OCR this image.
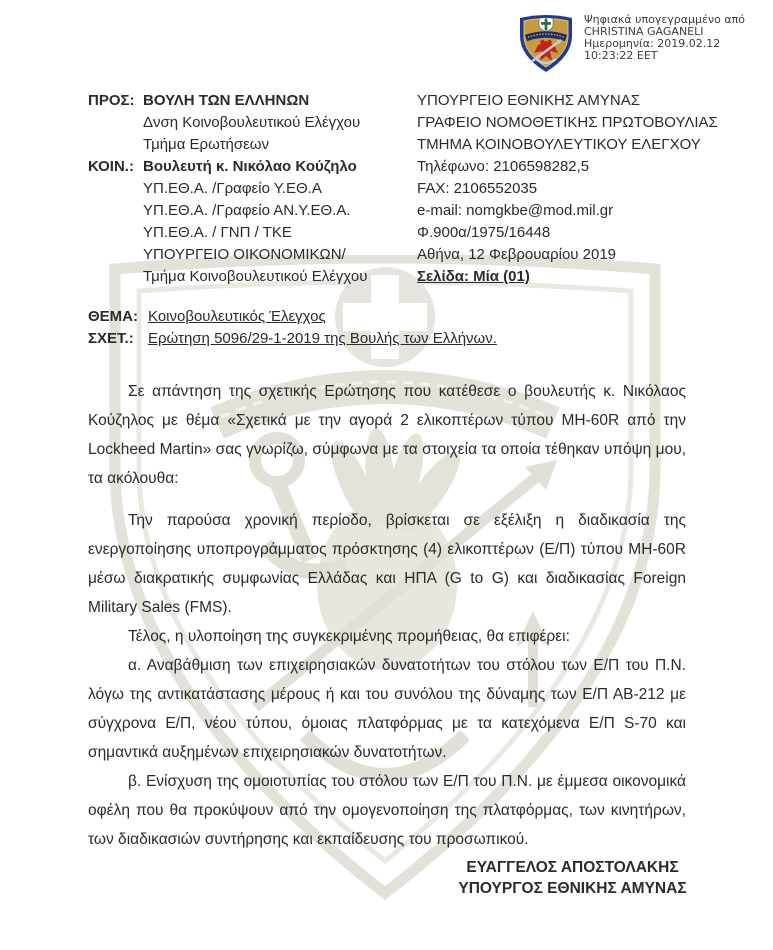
Ψηφιακά υπογεγραμμένο από
CHRISTINA GAGANELI
Ημερομηνία: 2019.02.12
10:23:22 EET
ΠΡΟΣ: ΒΟΥΛΗ ΤΩΝ ΕΛΛΗΝΩΝ
Δνση Κοινοβουλευτικού Ελέγχου
Τμήμα Ερωτήσεων
ΚΟΙΝ.: Βουλευτή κ. Νικόλαο Κούζηλο
ΥΠ.ΕΘ.Α. /Γραφείο Υ.ΕΘ.Α
ΥΠ.ΕΘ.Α. /Γραφείο ΑΝ.Υ.ΕΘ.Α.
ΥΠ.ΕΘ.Α. / ΓΝΠ / ΤΚΕ
ΥΠΟΥΡΓΕΙΟ ΟΙΚΟΝΟΜΙΚΩΝ/
Τμήμα Κοινοβουλευτικού Ελέγχου
ΥΠΟΥΡΓΕΙΟ ΕΘΝΙΚΗΣ ΑΜΥΝΑΣ
ΓΡΑΦΕΙΟ ΝΟΜΟΘΕΤΙΚΗΣ ΠΡΩΤΟΒΟΥΛΙΑΣ
ΤΜΗΜΑ ΚΟΙΝΟΒΟΥΛΕΥΤΙΚΟΥ ΕΛΕΓΧΟΥ
Τηλέφωνο: 2106598282,5
FAX: 2106552035
e-mail: nomgkbe@mod.mil.gr
Φ.900α/1975/16448
Αθήνα, 12 Φεβρουαρίου 2019
Σελίδα: Μία (01)
ΘΕΜΑ: Κοινοβουλευτικός Έλεγχος
ΣΧΕΤ.: Ερώτηση 5096/29-1-2019 της Βουλής των Ελλήνων.

Σε απάντηση της σχετικής Ερώτησης που κατέθεσε ο βουλευτής κ. Νικόλαος Κούζηλος με θέμα «Σχετικά με την αγορά 2 ελικοπτέρων τύπου MH-60R από την Lockheed Martin» σας γνωρίζω, σύμφωνα με τα στοιχεία τα οποία τέθηκαν υπόψη μου, τα ακόλουθα:

Την παρούσα χρονική περίοδο, βρίσκεται σε εξέλιξη η διαδικασία της ενεργοποίησης υποπρογράμματος πρόσκτησης (4) ελικοπτέρων (Ε/Π) τύπου MH-60R μέσω διακρατικής συμφωνίας Ελλάδας και ΗΠΑ (G to G) και διαδικασίας Foreign Military Sales (FMS).

Τέλος, η υλοποίηση της συγκεκριμένης προμήθειας, θα επιφέρει:

α. Αναβάθμιση των επιχειρησιακών δυνατοτήτων του στόλου των Ε/Π του Π.Ν. λόγω της αντικατάστασης μέρους ή και του συνόλου της δύναμης των Ε/Π ΑΒ-212 με σύγχρονα Ε/Π, νέου τύπου, όμοιας πλατφόρμας με τα κατεχόμενα Ε/Π S-70 και σημαντικά αυξημένων επιχειρησιακών δυνατοτήτων.

β. Ενίσχυση της ομοιοτυπίας του στόλου των Ε/Π του Π.Ν. με έμμεσα οικονομικά οφέλη που θα προκύψουν από την ομογενοποίηση της πλατφόρμας, των κινητήρων, των διαδικασιών συντήρησης και εκπαίδευσης του προσωπικού.

ΕΥΑΓΓΕΛΟΣ ΑΠΟΣΤΟΛΑΚΗΣ
ΥΠΟΥΡΓΟΣ ΕΘΝΙΚΗΣ ΑΜΥΝΑΣ
